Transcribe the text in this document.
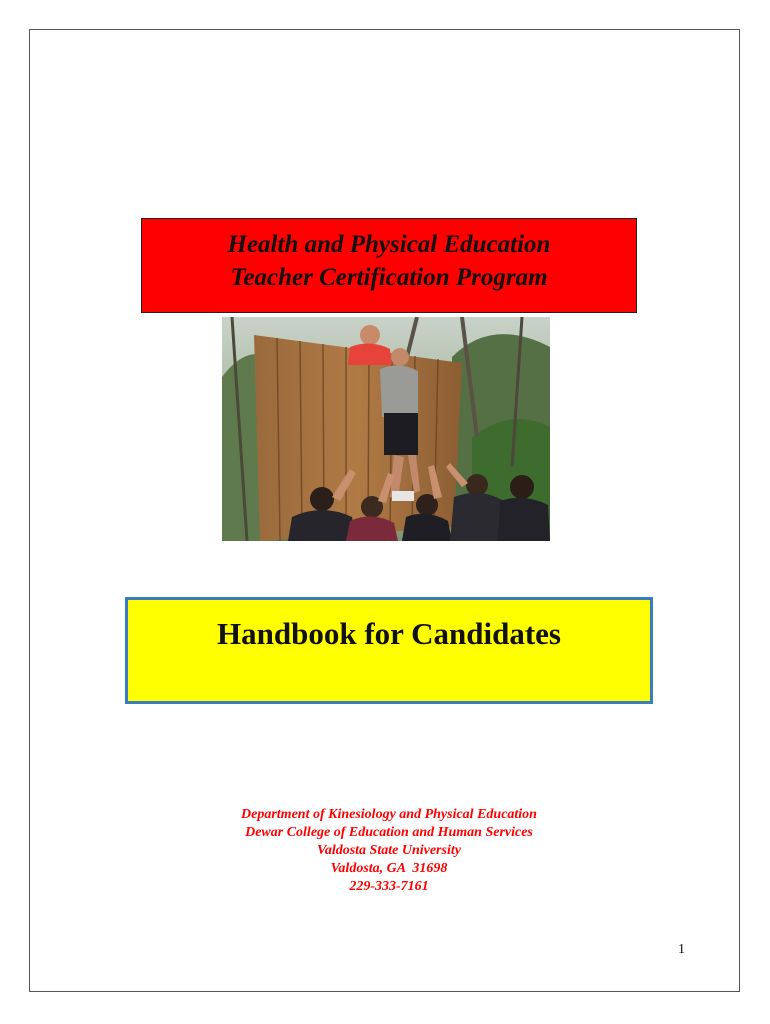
Health and Physical Education
Teacher Certification Program
Handbook for Candidates
Department of Kinesiology and Physical Education
Dewar College of Education and Human Services
Valdosta State University
Valdosta, GA  31698
229-333-7161
1
